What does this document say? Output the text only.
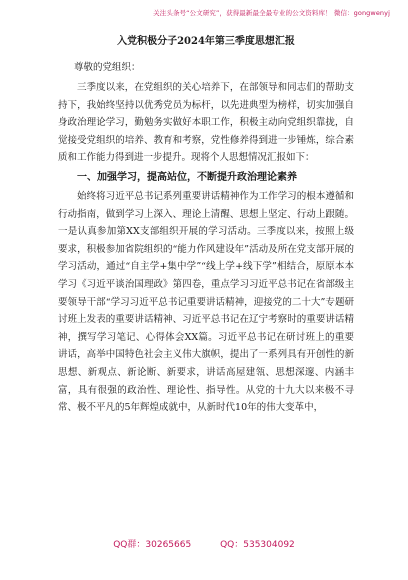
关注头条号“公文研究”，获得最新最全最专业的公文资料库！ 微信：gongwenyj
入党积极分子2024年第三季度思想汇报
尊敬的党组织：

三季度以来，在党组织的关心培养下，在部领导和同志们的帮助支持下，我始终坚持以优秀党员为标杆，以先进典型为榜样，切实加强自身政治理论学习，勤勉务实做好本职工作，积极主动向党组织靠拢，自觉接受党组织的培养、教育和考察，党性修养得到进一步锤炼，综合素质和工作能力得到进一步提升。现将个人思想情况汇报如下：

一、加强学习，提高站位，不断提升政治理论素养

始终将习近平总书记系列重要讲话精神作为工作学习的根本遵循和行动指南，做到学习上深入、理论上清醒、思想上坚定、行动上跟随。一是认真参加第XX支部组织开展的学习活动。三季度以来，按照上级要求，积极参加省院组织的“能力作风建设年”活动及所在党支部开展的学习活动，通过“自主学+集中学”“线上学+线下学”相结合，原原本本学习《习近平谈治国理政》第四卷，重点学习习近平总书记在省部级主要领导干部“学习习近平总书记重要讲话精神，迎接党的二十大”专题研讨班上发表的重要讲话精神、习近平总书记在辽宁考察时的重要讲话精神，撰写学习笔记、心得体会XX篇。习近平总书记在研讨班上的重要讲话，高举中国特色社会主义伟大旗帜，提出了一系列具有开创性的新思想、新观点、新论断、新要求，讲话高屋建瓴、思想深邃、内涵丰富，具有很强的政治性、理论性、指导性。从党的十九大以来极不寻常、极不平凡的5年辉煌成就中，从新时代10年的伟大变革中，

QQ群：30265665	QQ：535304092
